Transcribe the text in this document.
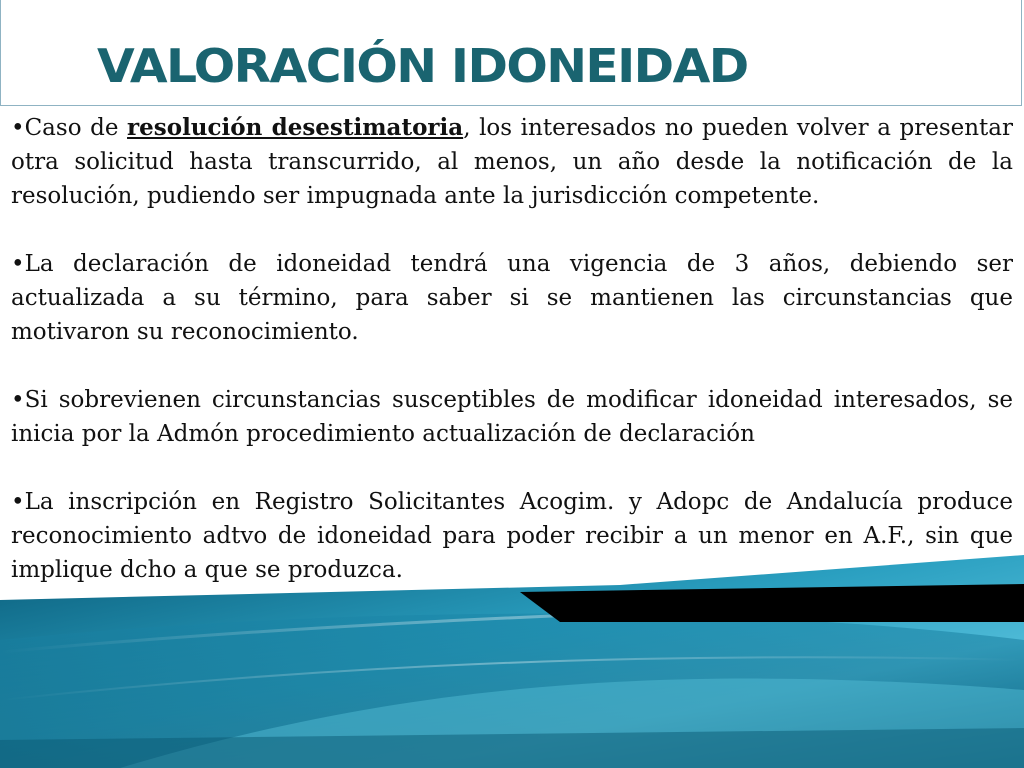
VALORACIÓN IDONEIDAD

•Caso de resolución desestimatoria, los interesados no pueden volver a presentar otra solicitud hasta transcurrido, al menos, un año desde la notificación de la resolución, pudiendo ser impugnada ante la jurisdicción competente.

•La declaración de idoneidad tendrá una vigencia de 3 años, debiendo ser actualizada a su término, para saber si se mantienen las circunstancias que motivaron su reconocimiento.

•Si sobrevienen circunstancias susceptibles de modificar idoneidad interesados, se inicia por la Admón procedimiento actualización de declaración

•La inscripción en Registro Solicitantes Acogim. y Adopc de Andalucía produce reconocimiento adtvo de idoneidad para poder recibir a un menor en A.F., sin que implique dcho a que se produzca.
